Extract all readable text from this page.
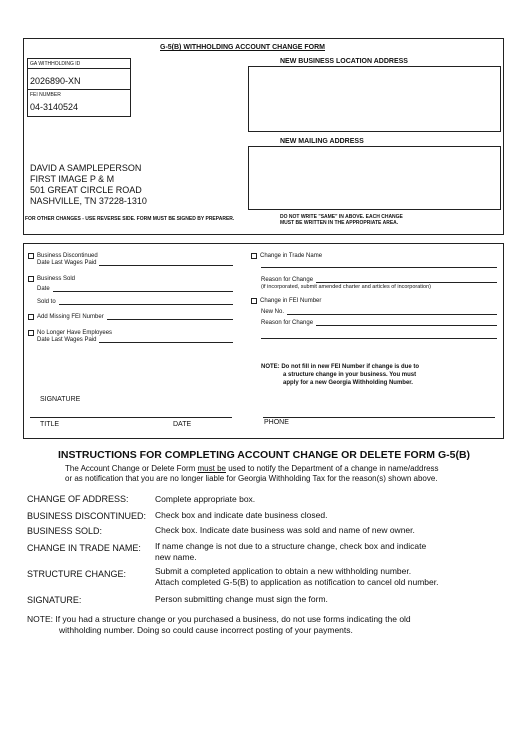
G-5(B) WITHHOLDING ACCOUNT CHANGE FORM
GA WITHHOLDING ID
2026890-XN
FEI NUMBER
04-3140524
NEW BUSINESS LOCATION ADDRESS
NEW MAILING ADDRESS
DAVID A SAMPLEPERSON
FIRST IMAGE P & M
501 GREAT CIRCLE ROAD
NASHVILLE, TN 37228-1310
FOR OTHER CHANGES - USE REVERSE SIDE. FORM MUST BE SIGNED BY PREPARER.	DO NOT WRITE "SAME" IN ABOVE. EACH CHANGE
MUST BE WRITTEN IN THE APPROPRIATE AREA.
Business Discontinued
Date Last Wages Paid
Business Sold
Date
Sold to
Add Missing FEI Number
No Longer Have Employees
Date Last Wages Paid
SIGNATURE
TITLE	DATE
Change in Trade Name
Reason for Change
(if incorporated, submit amended charter and articles of incorporation)
Change in FEI Number
New No.
Reason for Change
NOTE: Do not fill in new FEI Number if change is due to
a structure change in your business. You must
apply for a new Georgia Withholding Number.
PHONE
INSTRUCTIONS FOR COMPLETING ACCOUNT CHANGE OR DELETE FORM G-5(B)
The Account Change or Delete Form must be used to notify the Department of a change in name/address
or as notification that you are no longer liable for Georgia Withholding Tax for the reason(s) shown above.
CHANGE OF ADDRESS:	Complete appropriate box.
BUSINESS DISCONTINUED: Check box and indicate date business closed.
BUSINESS SOLD:	Check box. Indicate date business was sold and name of new owner.
CHANGE IN TRADE NAME: If name change is not due to a structure change, check box and indicate
new name.
STRUCTURE CHANGE:	Submit a completed application to obtain a new withholding number.
Attach completed G-5(B) to application as notification to cancel old number.
SIGNATURE:	Person submitting change must sign the form.
NOTE: If you had a structure change or you purchased a business, do not use forms indicating the old
withholding number. Doing so could cause incorrect posting of your payments.
